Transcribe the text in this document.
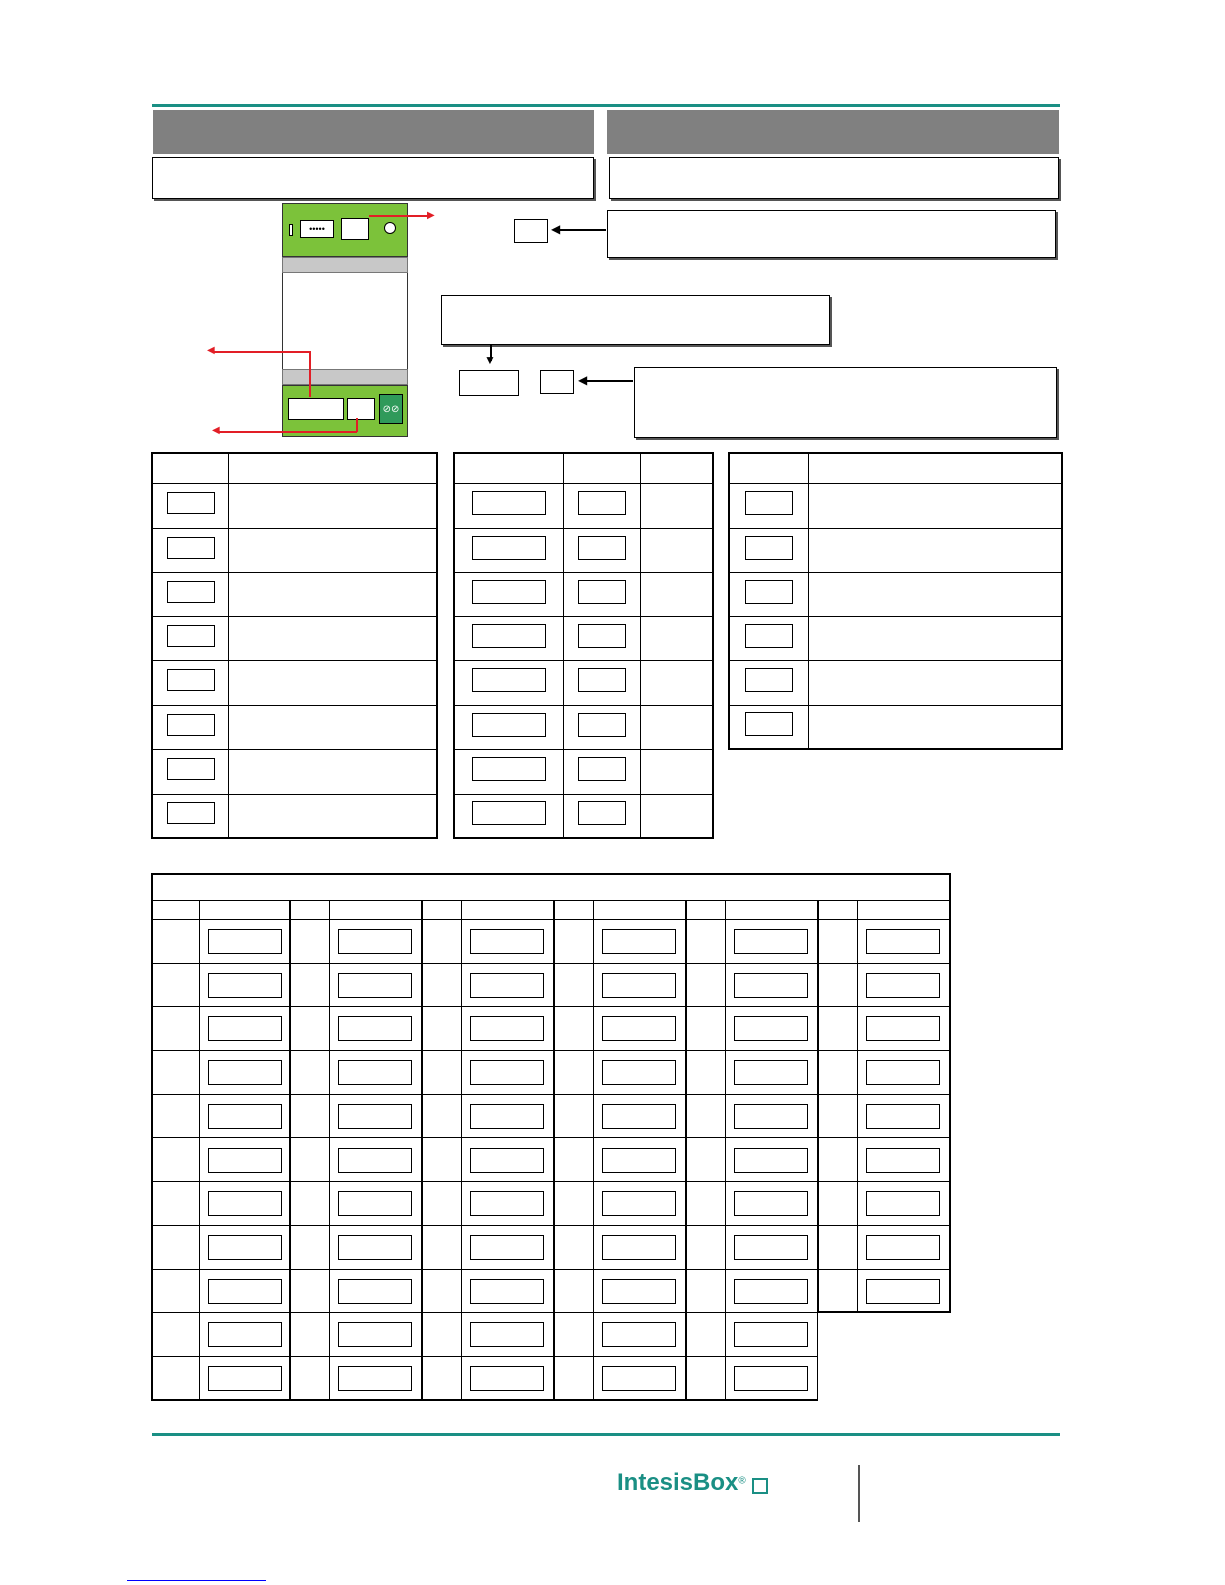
•••••
⊘⊘
▶
◀
◀
◀
▼
◀

IntesisBox®
